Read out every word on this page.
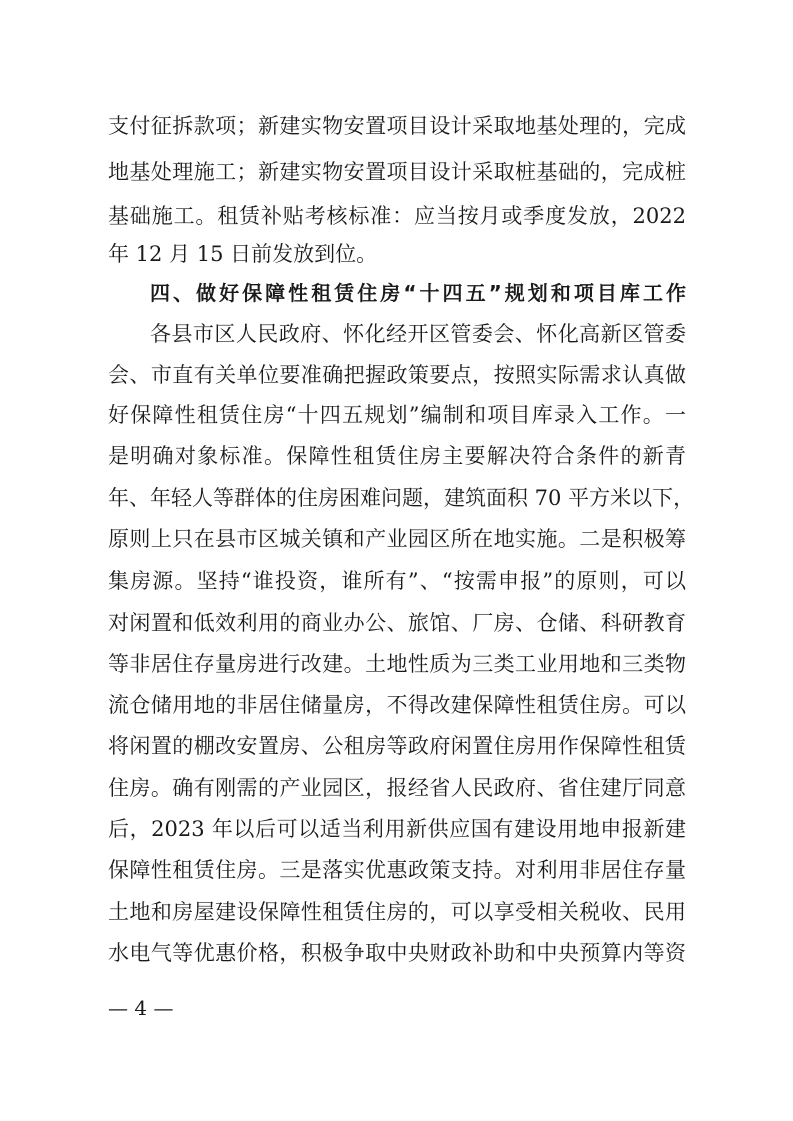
支付征拆款项；新建实物安置项目设计采取地基处理的，完成
地基处理施工；新建实物安置项目设计采取桩基础的，完成桩
基础施工。租赁补贴考核标准：应当按月或季度发放，2022
年 12 月 15 日前发放到位。
四、做好保障性租赁住房“十四五”规划和项目库工作
各县市区人民政府、怀化经开区管委会、怀化高新区管委
会、市直有关单位要准确把握政策要点，按照实际需求认真做
好保障性租赁住房“十四五规划”编制和项目库录入工作。一
是明确对象标准。保障性租赁住房主要解决符合条件的新青
年、年轻人等群体的住房困难问题，建筑面积 70 平方米以下，
原则上只在县市区城关镇和产业园区所在地实施。二是积极筹
集房源。坚持“谁投资，谁所有”、“按需申报”的原则，可以
对闲置和低效利用的商业办公、旅馆、厂房、仓储、科研教育
等非居住存量房进行改建。土地性质为三类工业用地和三类物
流仓储用地的非居住储量房，不得改建保障性租赁住房。可以
将闲置的棚改安置房、公租房等政府闲置住房用作保障性租赁
住房。确有刚需的产业园区，报经省人民政府、省住建厅同意
后，2023 年以后可以适当利用新供应国有建设用地申报新建
保障性租赁住房。三是落实优惠政策支持。对利用非居住存量
土地和房屋建设保障性租赁住房的，可以享受相关税收、民用
水电气等优惠价格，积极争取中央财政补助和中央预算内等资
— 4 —
